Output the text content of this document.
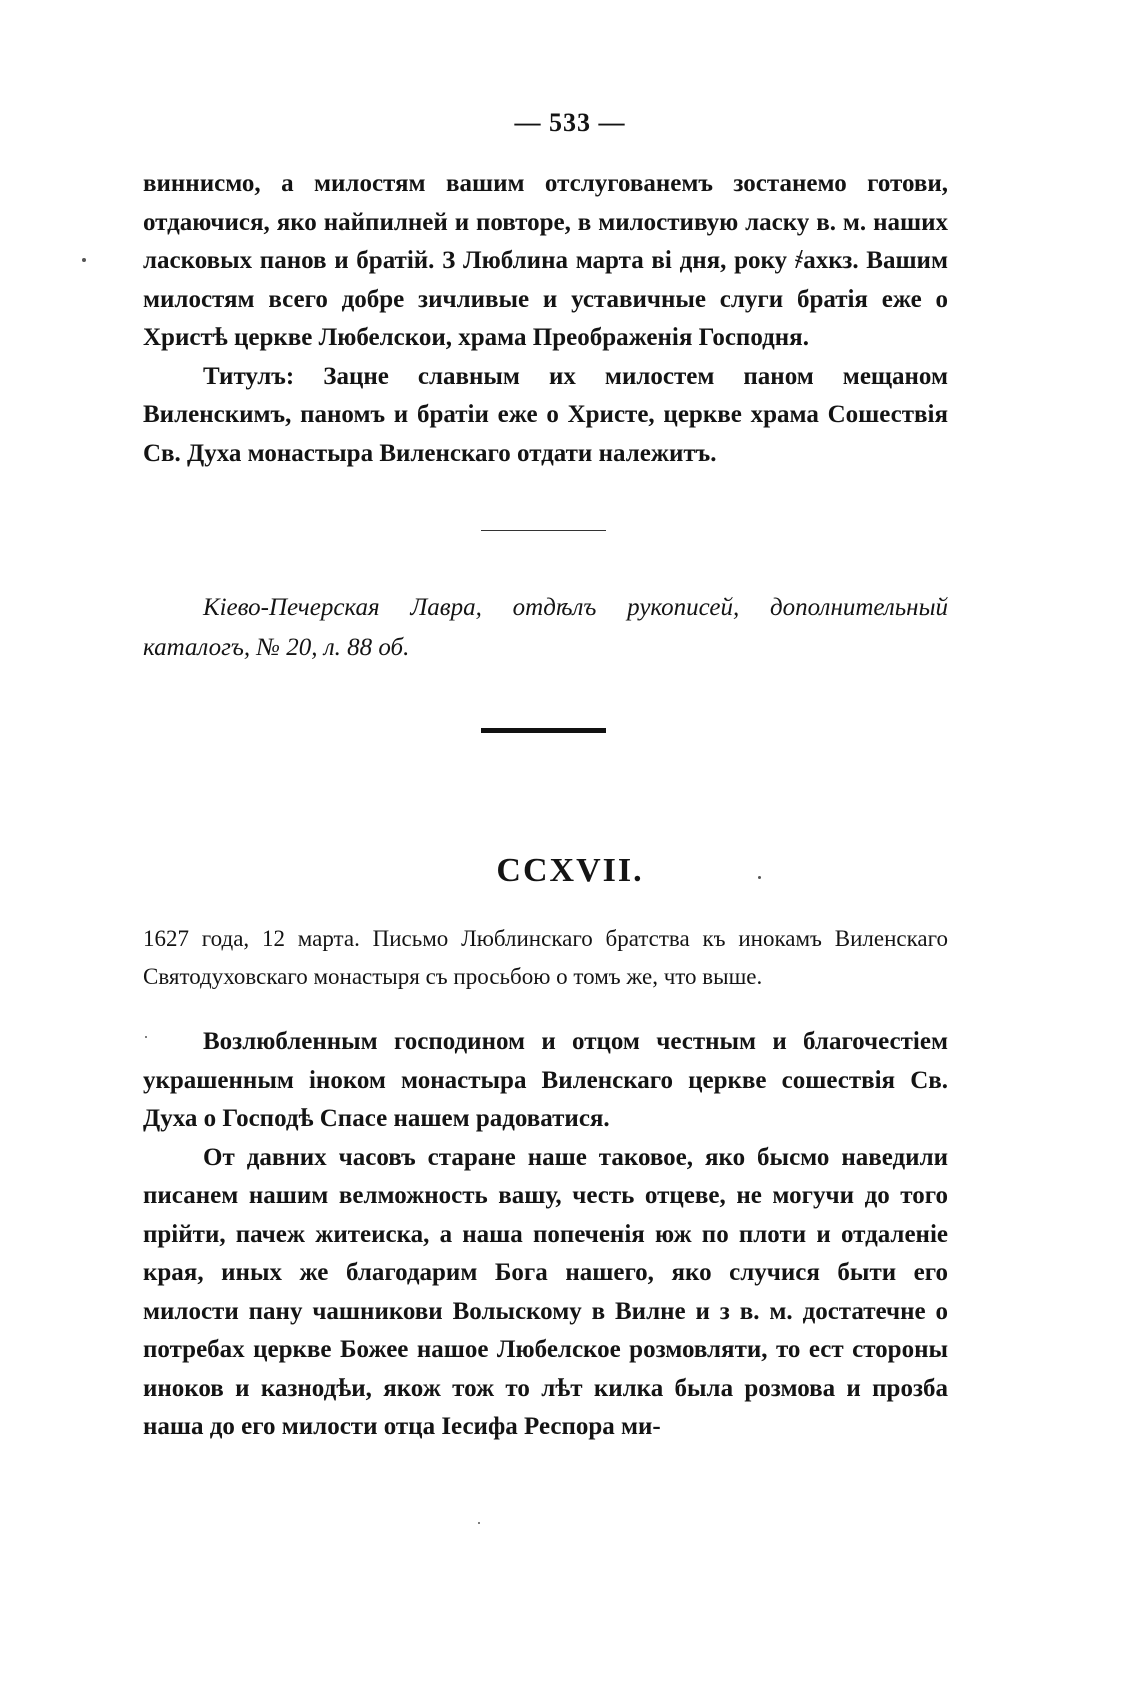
— 533 —

виннисмо, а милостям вашим отслугованемъ зостанемо готови, отдаючися, яко найпилней и повторе, в милостивую ласку в. м. наших ласковых панов и братій. З Люблина марта ві дня, року ҂ахкз. Вашим милостям всего добре зичливые и уставичные слуги братія еже о Христѣ церкве Любелскои, храма Преображенія Господня.

Титулъ: Зацне славным их милостем паном мещаном Виленскимъ, паномъ и братіи еже о Христе, церкве храма Сошествія Св. Духа монастыра Виленскаго отдати належитъ.

Кіево-Печерская Лавра, отдѣлъ рукописей, дополнительный каталогъ, № 20, л. 88 об.

CCXVII.

1627 года, 12 марта. Письмо Люблинскаго братства къ инокамъ Виленскаго Святодуховскаго монастыря съ просьбою о томъ же, что выше.

Возлюбленным господином и отцом честным и благочестіем украшенным іноком монастыра Виленскаго церкве сошествія Св. Духа о Господѣ Спасе нашем радоватися.

От давних часовъ старане наше таковое, яко бысмо наведили писанем нашим велможность вашу, честь отцеве, не могучи до того прійти, пачеж житеиска, а наша попеченія юж по плоти и отдаленіе края, иных же благодарим Бога нашего, яко случися быти его милости пану чашникови Волыскому в Вилне и з в. м. достатечне о потребах церкве Божее нашое Любелское розмовляти, то ест стороны иноков и казнодѣи, якож тож то лѣт килка была розмова и прозба наша до его милости отца Іесифа Респора ми-
